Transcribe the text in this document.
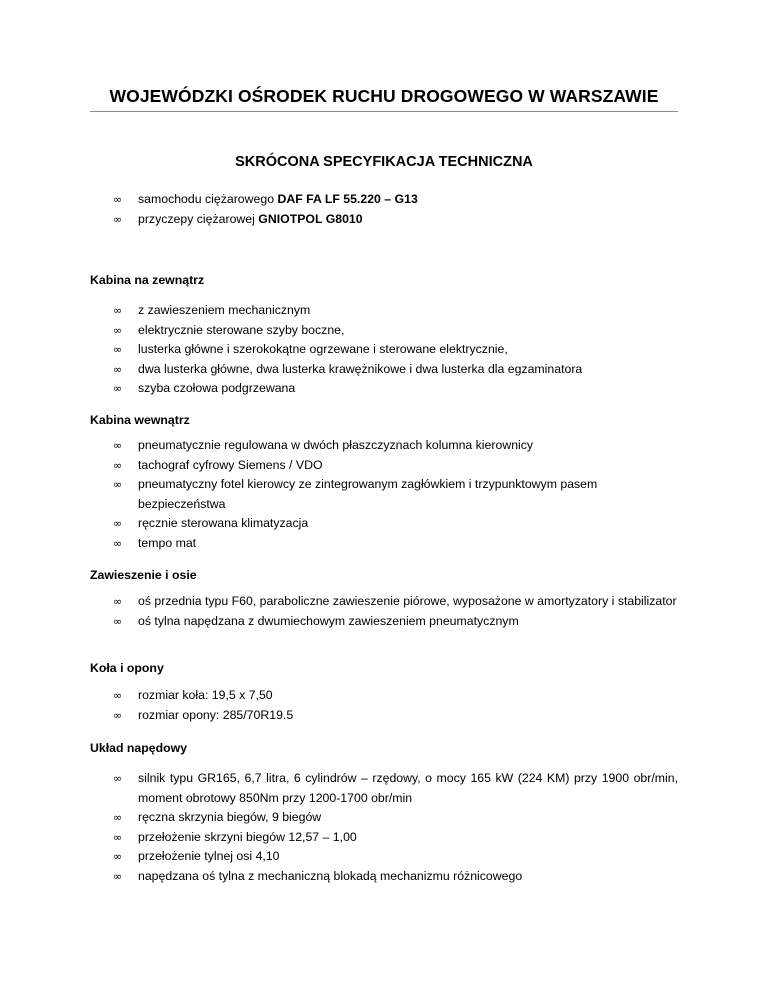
WOJEWÓDZKI OŚRODEK RUCHU DROGOWEGO W WARSZAWIE
SKRÓCONA SPECYFIKACJA TECHNICZNA
∞	samochodu ciężarowego DAF FA LF 55.220 – G13
∞	przyczepy ciężarowej GNIOTPOL G8010
Kabina na zewnątrz
∞	z zawieszeniem mechanicznym
∞	elektrycznie sterowane szyby boczne,
∞	lusterka główne i szerokokątne ogrzewane i sterowane elektrycznie,
∞	dwa lusterka główne, dwa lusterka krawężnikowe i dwa lusterka dla egzaminatora
∞	szyba czołowa podgrzewana
Kabina wewnątrz
∞	pneumatycznie regulowana w dwóch płaszczyznach kolumna kierownicy
∞	tachograf cyfrowy Siemens / VDO
∞	pneumatyczny fotel kierowcy ze zintegrowanym zagłówkiem i trzypunktowym pasem bezpieczeństwa
∞	ręcznie sterowana klimatyzacja
∞	tempo mat
Zawieszenie i osie
∞	oś przednia typu F60, paraboliczne zawieszenie piórowe, wyposażone w amortyzatory i stabilizator
∞	oś tylna napędzana z dwumiechowym zawieszeniem pneumatycznym
Koła i opony
∞	rozmiar koła: 19,5 x 7,50
∞	rozmiar opony: 285/70R19.5
Układ napędowy
∞	silnik typu GR165, 6,7 litra, 6 cylindrów – rzędowy, o mocy 165 kW (224 KM) przy 1900 obr/min, moment obrotowy 850Nm przy 1200-1700 obr/min
∞	ręczna skrzynia biegów, 9 biegów
∞	przełożenie skrzyni biegów 12,57 – 1,00
∞	przełożenie tylnej osi 4,10
∞	napędzana oś tylna z mechaniczną blokadą mechanizmu różnicowego
